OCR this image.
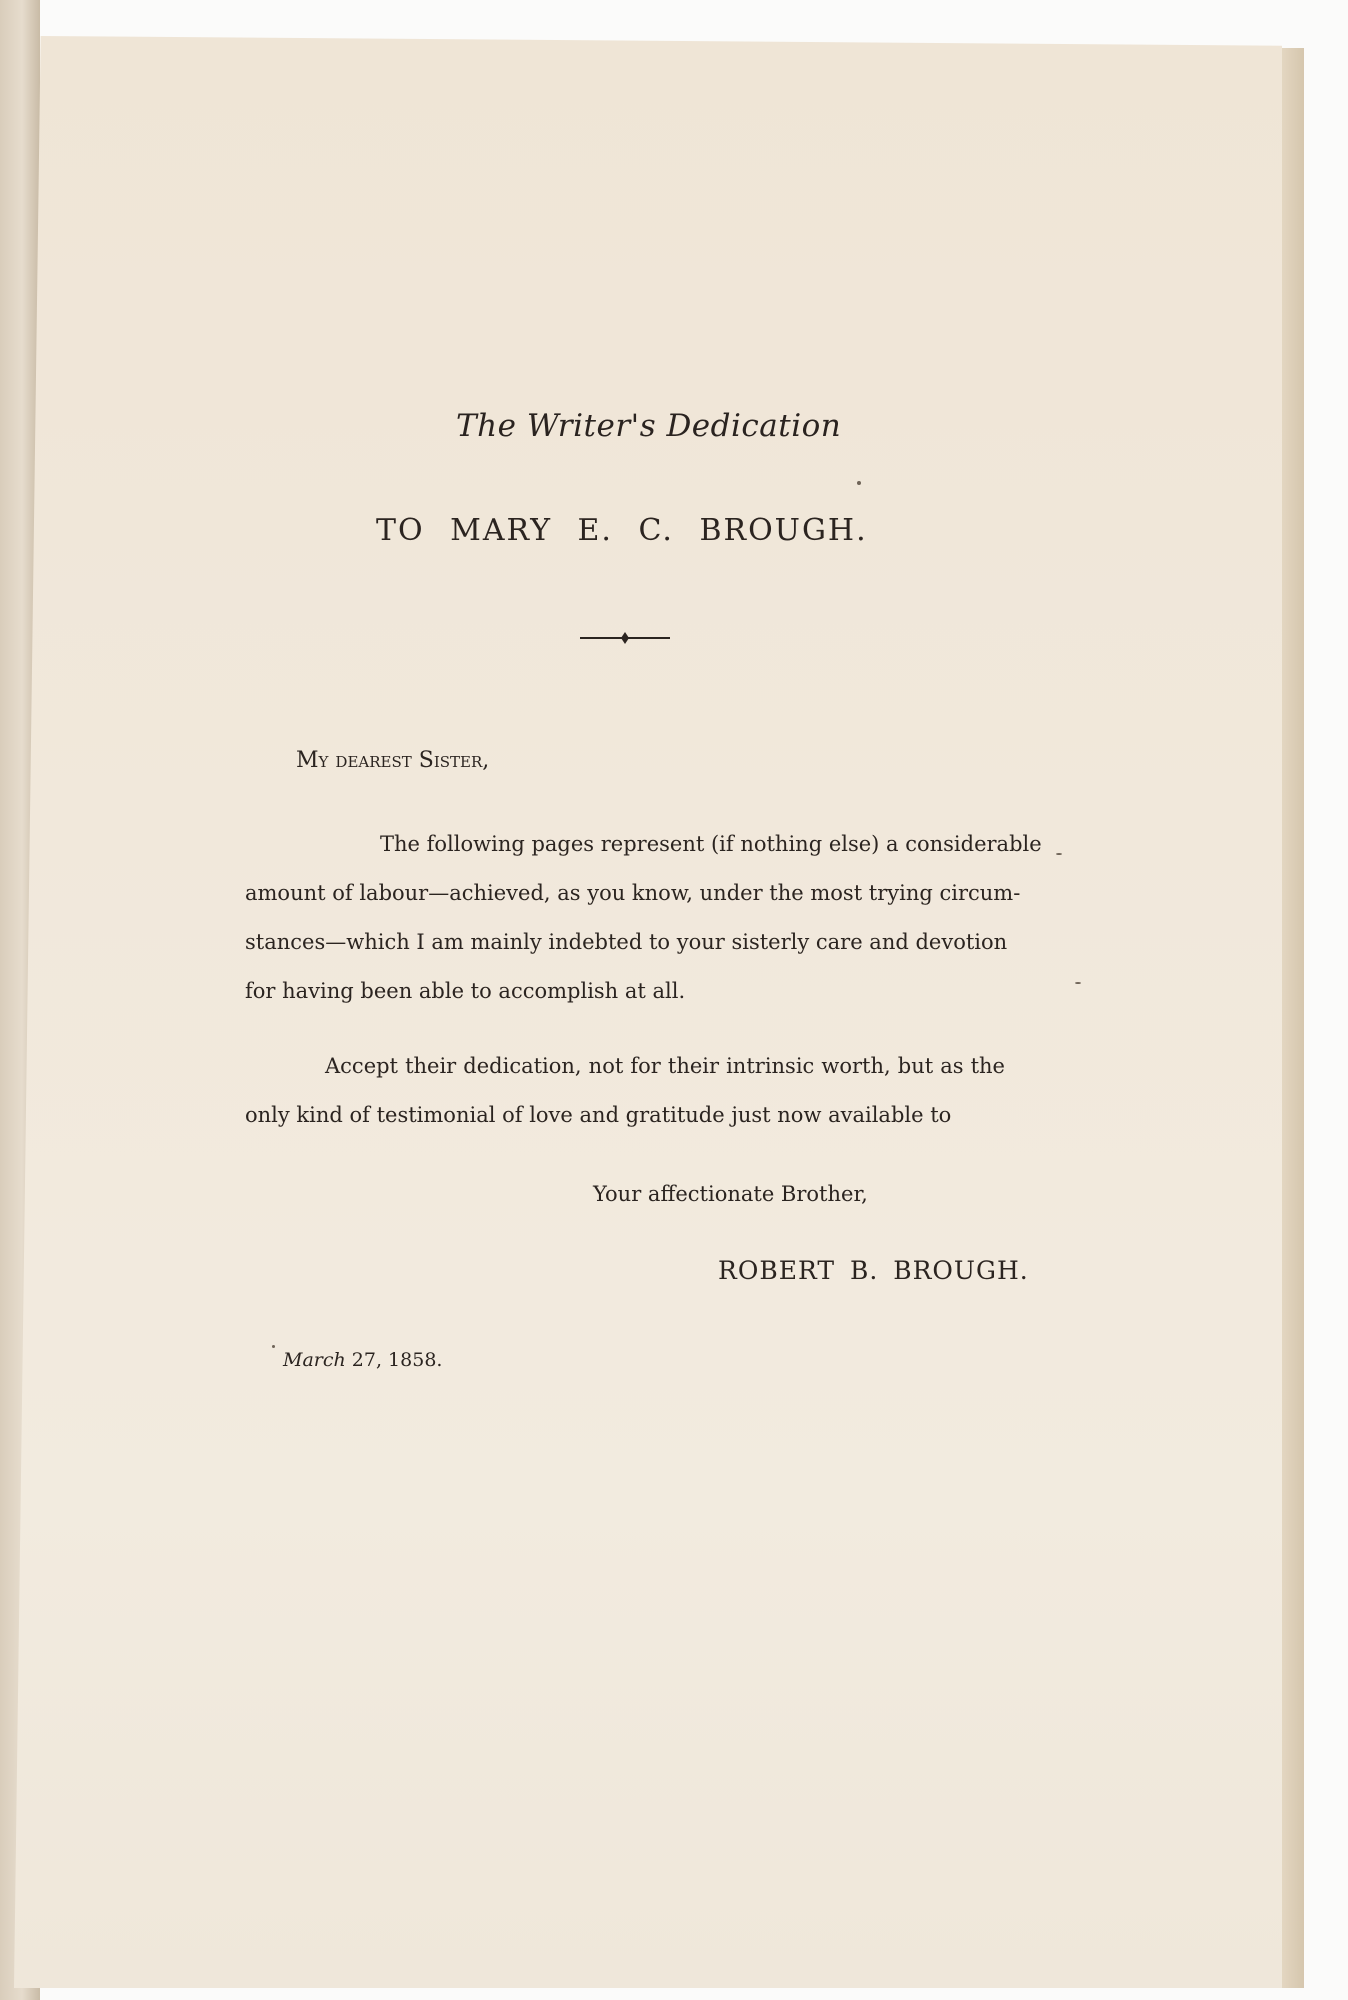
The Writer's Dedication
TO MARY E. C. BROUGH.
My dearest Sister,
The following pages represent (if nothing else) a considerable
amount of labour—achieved, as you know, under the most trying circum-
stances—which I am mainly indebted to your sisterly care and devotion
for having been able to accomplish at all.
Accept their dedication, not for their intrinsic worth, but as the
only kind of testimonial of love and gratitude just now available to
Your affectionate Brother,
ROBERT B. BROUGH.
March 27, 1858.
